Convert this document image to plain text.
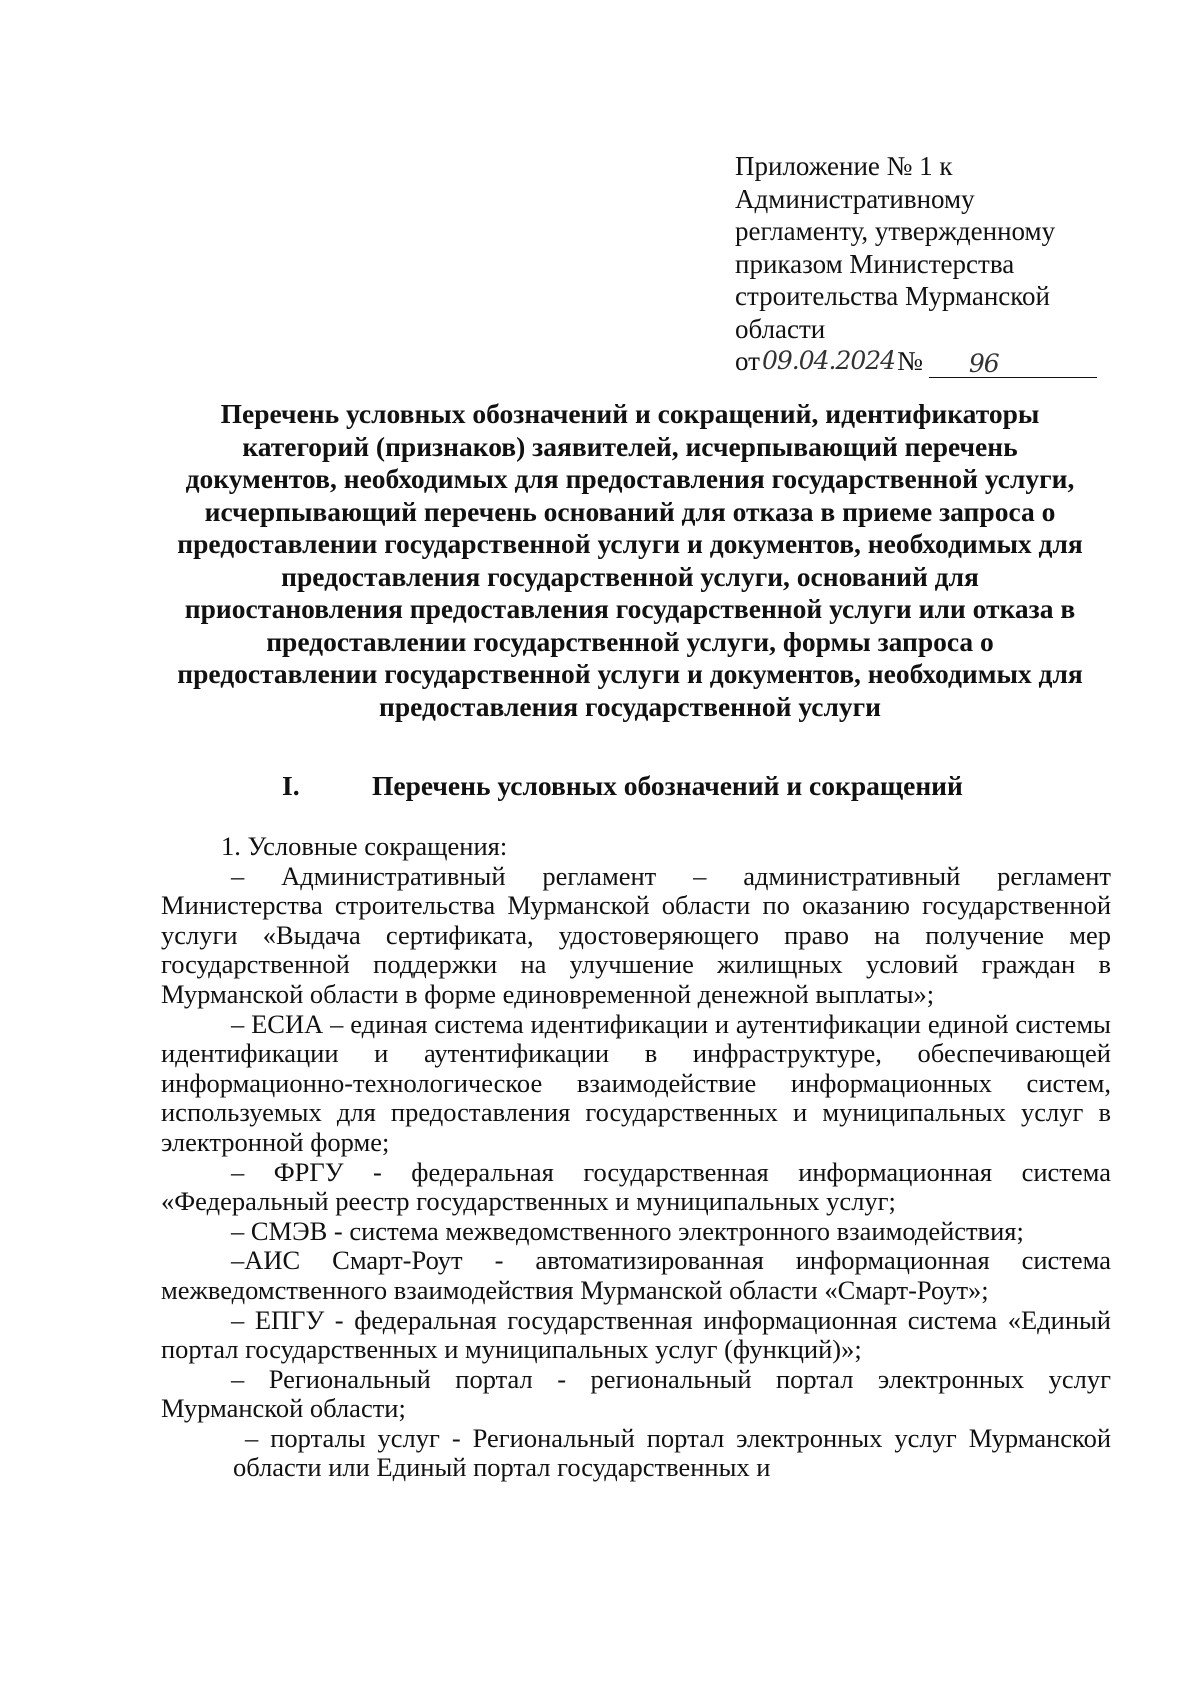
Приложение № 1 к
Административному
регламенту, утвержденному
приказом Министерства
строительства Мурманской
области
от 09.04.2024 №	96
Перечень условных обозначений и сокращений, идентификаторы
категорий (признаков) заявителей, исчерпывающий перечень
документов, необходимых для предоставления государственной услуги,
исчерпывающий перечень оснований для отказа в приеме запроса о
предоставлении государственной услуги и документов, необходимых для
предоставления государственной услуги, оснований для
приостановления предоставления государственной услуги или отказа в
предоставлении государственной услуги, формы запроса о
предоставлении государственной услуги и документов, необходимых для
предоставления государственной услуги
I.	Перечень условных обозначений и сокращений

1. Условные сокращения:

– Административный регламент – административный регламент Министерства строительства Мурманской области по оказанию государственной услуги «Выдача сертификата, удостоверяющего право на получение мер государственной поддержки на улучшение жилищных условий граждан в Мурманской области в форме единовременной денежной выплаты»;

– ЕСИА – единая система идентификации и аутентификации единой системы идентификации и аутентификации в инфраструктуре, обеспечивающей информационно-технологическое взаимодействие информационных систем, используемых для предоставления государственных и муниципальных услуг в электронной форме;

– ФРГУ - федеральная государственная информационная система «Федеральный реестр государственных и муниципальных услуг;

– СМЭВ - система межведомственного электронного взаимодействия;

–АИС Смарт-Роут - автоматизированная информационная система межведомственного взаимодействия Мурманской области «Смарт-Роут»;

– ЕПГУ - федеральная государственная информационная система «Единый портал государственных и муниципальных услуг (функций)»;

– Региональный портал - региональный портал электронных услуг Мурманской области;

– порталы услуг - Региональный портал электронных услуг Мурманской области или Единый портал государственных и
